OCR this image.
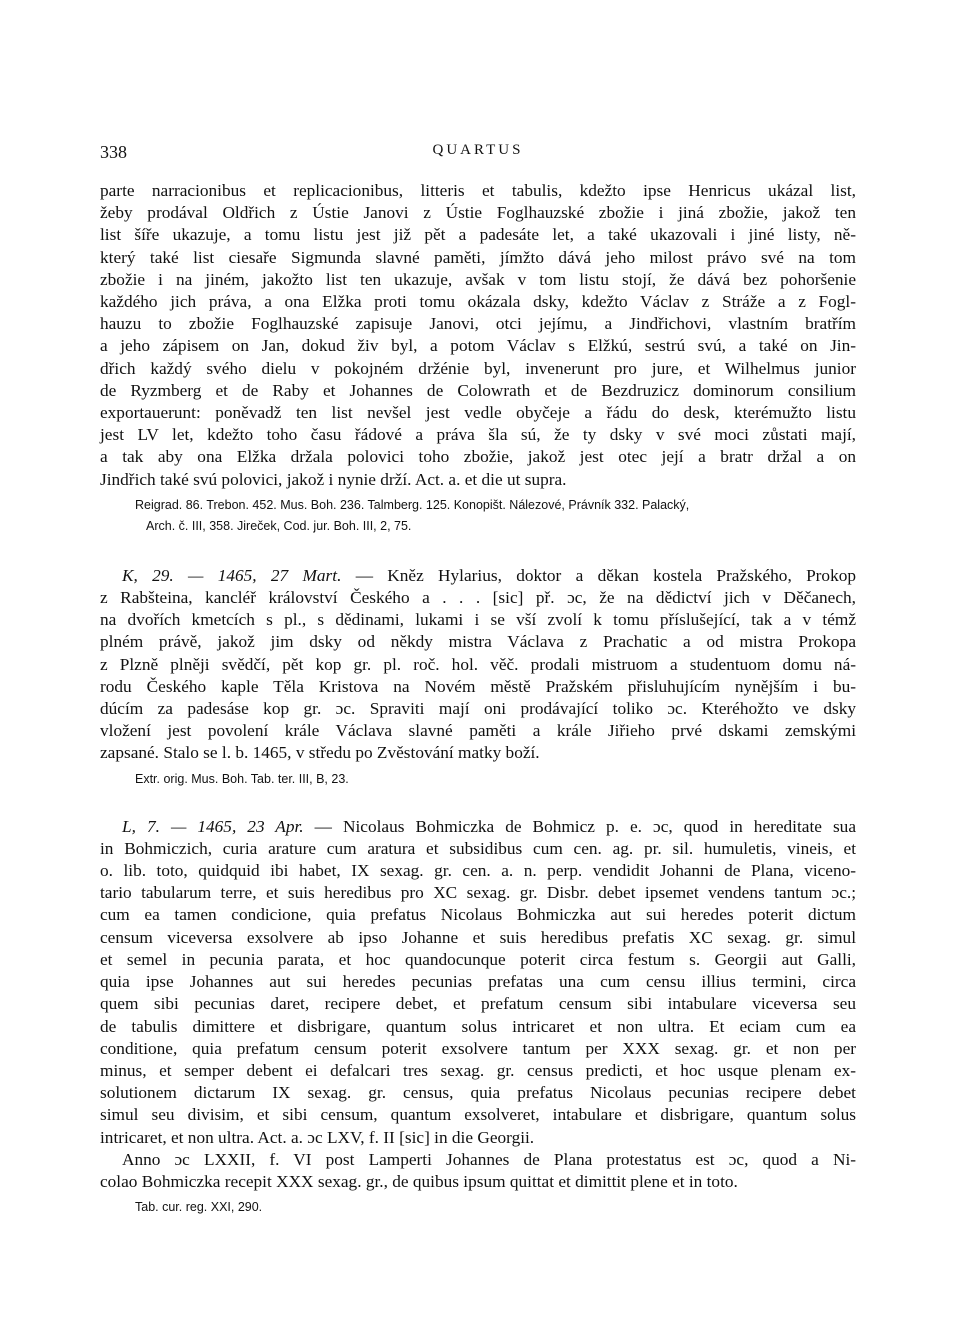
338	QUARTUS
parte narracionibus et replicacionibus, litteris et tabulis, kdežto ipse Henricus ukázal list,
žeby prodával Oldřich z Ústie Janovi z Ústie Foglhauzské zbožie i jiná zbožie, jakož ten
list šíře ukazuje, a tomu listu jest již pět a padesáte let, a také ukazovali i jiné listy, ně-
který také list ciesaře Sigmunda slavné paměti, jímžto dává jeho milost právo své na tom
zbožie i na jiném, jakožto list ten ukazuje, avšak v tom listu stojí, že dává bez pohoršenie
každého jich práva, a ona Elžka proti tomu okázala dsky, kdežto Václav z Stráže a z Fogl-
hauzu to zbožie Foglhauzské zapisuje Janovi, otci jejímu, a Jindřichovi, vlastním bratřím
a jeho zápisem on Jan, dokud živ byl, a potom Václav s Elžkú, sestrú svú, a také on Jin-
dřich každý svého dielu v pokojném držénie byl, invenerunt pro jure, et Wilhelmus junior
de Ryzmberg et de Raby et Johannes de Colowrath et de Bezdruzicz dominorum consilium
exportauerunt: poněvadž ten list nevšel jest vedle obyčeje a řádu do desk, kterémužto listu
jest LV let, kdežto toho času řádové a práva šla sú, že ty dsky v své moci zůstati mají,
a tak aby ona Elžka držala polovici toho zbožie, jakož jest otec její a bratr držal a on
Jindřich také svú polovici, jakož i nynie drží. Act. a. et die ut supra.
Reigrad. 86. Trebon. 452. Mus. Boh. 236. Talmberg. 125. Konopišt. Nálezové, Právník 332. Palacký,
Arch. č. III, 358. Jireček, Cod. jur. Boh. III, 2, 75.
K, 29. — 1465, 27 Mart. — Kněz Hylarius, doktor a děkan kostela Pražského, Prokop
z Rabšteina, kancléř království Českého a . . . [sic] př. ɔc, že na dědictví jich v Děčanech,
na dvořích kmetcích s pl., s dědinami, lukami i se vší zvolí k tomu příslušející, tak a v témž
plném právě, jakož jim dsky od někdy mistra Václava z Prachatic a od mistra Prokopa
z Plzně plněji svědčí, pět kop gr. pl. roč. hol. věč. prodali mistruom a studentuom domu ná-
rodu Českého kaple Těla Kristova na Novém městě Pražském přisluhujícím nynějším i bu-
dúcím za padesáse kop gr. ɔc. Spraviti mají oni prodávající toliko ɔc. Kteréhožto ve dsky
vložení jest povolení krále Václava slavné paměti a krále Jiřieho prvé dskami zemskými
zapsané. Stalo se l. b. 1465, v středu po Zvěstování matky boží.
Extr. orig. Mus. Boh. Tab. ter. III, B, 23.
L, 7. — 1465, 23 Apr. — Nicolaus Bohmiczka de Bohmicz p. e. ɔc, quod in hereditate sua
in Bohmiczich, curia arature cum aratura et subsidibus cum cen. ag. pr. sil. humuletis, vineis, et
o. lib. toto, quidquid ibi habet, IX sexag. gr. cen. a. n. perp. vendidit Johanni de Plana, viceno-
tario tabularum terre, et suis heredibus pro XC sexag. gr. Disbr. debet ipsemet vendens tantum ɔc.;
cum ea tamen condicione, quia prefatus Nicolaus Bohmiczka aut sui heredes poterit dictum
censum viceversa exsolvere ab ipso Johanne et suis heredibus prefatis XC sexag. gr. simul
et semel in pecunia parata, et hoc quandocunque poterit circa festum s. Georgii aut Galli,
quia ipse Johannes aut sui heredes pecunias prefatas una cum censu illius termini, circa
quem sibi pecunias daret, recipere debet, et prefatum censum sibi intabulare viceversa seu
de tabulis dimittere et disbrigare, quantum solus intricaret et non ultra. Et eciam cum ea
conditione, quia prefatum censum poterit exsolvere tantum per XXX sexag. gr. et non per
minus, et semper debent ei defalcari tres sexag. gr. census predicti, et hoc usque plenam ex-
solutionem dictarum IX sexag. gr. census, quia prefatus Nicolaus pecunias recipere debet
simul seu divisim, et sibi censum, quantum exsolveret, intabulare et disbrigare, quantum solus
intricaret, et non ultra. Act. a. ɔc LXV, f. II [sic] in die Georgii.
Anno ɔc LXXII, f. VI post Lamperti Johannes de Plana protestatus est ɔc, quod a Ni-
colao Bohmiczka recepit XXX sexag. gr., de quibus ipsum quittat et dimittit plene et in toto.
Tab. cur. reg. XXI, 290.
